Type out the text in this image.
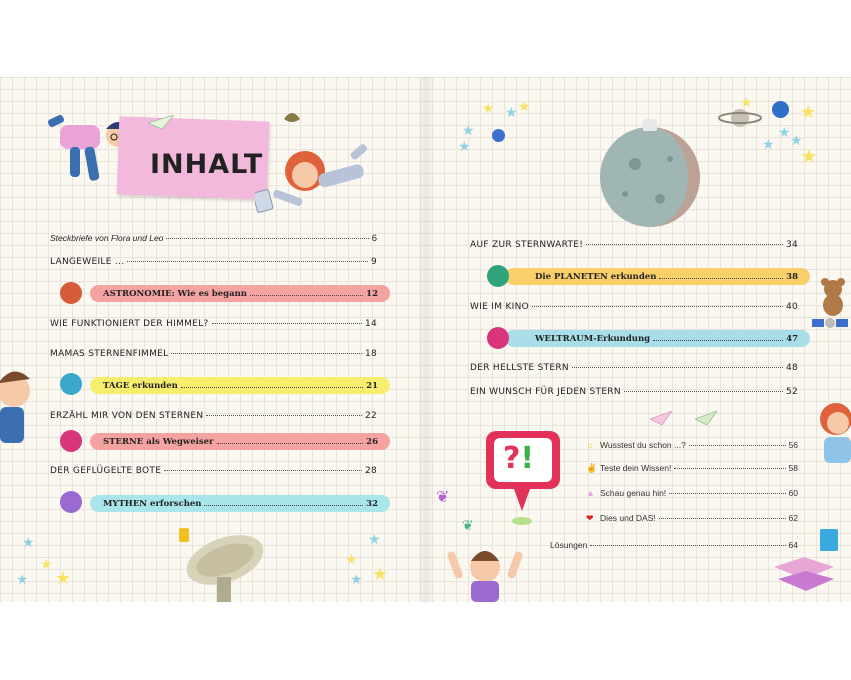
INHALT
Steckbriefe von Flora und Leo	6
LANGEWEILE ...	9
WIE FUNKTIONIERT DER HIMMEL?	14
MAMAS STERNENFIMMEL	18
ERZÄHL MIR VON DEN STERNEN	22
DER GEFLÜGELTE BOTE	28
ASTRONOMIE: Wie es begann	12
TAGE erkunden	21
STERNE als Wegweiser	26
MYTHEN erforschen	32
★
★
★ ★
★
★
★
★
★ ★ ★
★
★
★
★
★
★
★
★
AUF ZUR STERNWARTE!	34
WIE IM KINO	40
DER HELLSTE STERN	48
EIN WUNSCH FÜR JEDEN STERN	52
Die PLANETEN erkunden	38
WELTRAUM-Erkundung	47
?!
❦
❦
☼ Wusstest du schon ...?	56
✌ Teste dein Wissen!	58
▲ Schau genau hin!	60
❤ Dies und DAS!	62
Lösungen	64
